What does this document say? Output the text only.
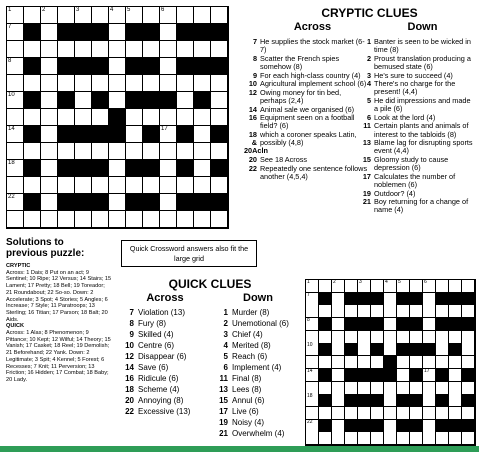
1	2	3	4 5	6
7
8
10
14	17
18
22
CRYPTIC CLUES
Across	Down
7 He supplies the stock market (6-7)
8 Scatter the French spies somehow (8)
9 For each high-class country (4)
10 Agricultural implement school (6)
12 Owing money for tin bed, perhaps (2,4)
14 Animal sale we organised (6)
16 Equipment seen on a football field? (6)
18 & 20Acln
which a coroner speaks Latin, possibly (4,8)
20 See 18 Across
22 Repeatedly one sentence follows another (4,5,4)
1 Banter is seen to be wicked in time (8)
2 Proust translation producing a bemused state (6)
3 He's sure to succeed (4)
4 There's no charge for the present! (4,4)
5 He did impressions and made a pile (6)
6 Look at the lord (4)
11 Certain plants and animals of interest to the tabloids (8)
13 Blame lag for disrupting sports event (4,4)
15 Gloomy study to cause depression (6)
17 Calculates the number of noblemen (6)
19 Outdoor? (4)
21 Boy returning for a change of name (4)
Solutions to previous puzzle:
CRYPTIC
Across: 1 Dais; 8 Put on an act; 9 Sentinel; 10 Ripe; 12 Versus; 14 Stairs; 15 Lament; 17 Pretty; 18 Bell; 19 Toreador; 21 Roundabout; 22 So-so. Down: 2 Accelerate; 3 Spot; 4 Stories; 5 Angles; 6 Increase; 7 Style; 11 Paratroops; 13 Sterling; 16 Titian; 17 Parson; 18 Balt; 20 Aids.
QUICK
Across: 1 Alas; 8 Phenomenon; 9 Pittance; 10 Kept; 12 Wilful; 14 Theory; 15 Vanish; 17 Casket; 18 Reel; 19 Demolish; 21 Beforehand; 22 Yank. Down: 2 Legitimate; 3 Spit; 4 Kennel; 5 Forest; 6 Recesses; 7 Knit; 11 Perversion; 13 Friction; 16 Hidden; 17 Combat; 18 Baby; 20 Lady.
Quick Crossword answers also fit the large grid
QUICK CLUES
Across	Down
7 Violation (13)
8 Fury (8)
9 Skilled (4)
10 Centre (6)
12 Disappear (6)
14 Save (6)
16 Ridicule (6)
18 Scheme (4)
20 Annoying (8)
22 Excessive (13)
1 Murder (8)
2 Unemotional (6)
3 Chief (4)
4 Merited (8)
5 Reach (6)
6 Implement (4)
11 Final (8)
13 Lees (8)
15 Annul (6)
17 Live (6)
19 Noisy (4)
21 Overwhelm (4)
1	2	3	4 5	6
7
8
10
14	17
18
22
